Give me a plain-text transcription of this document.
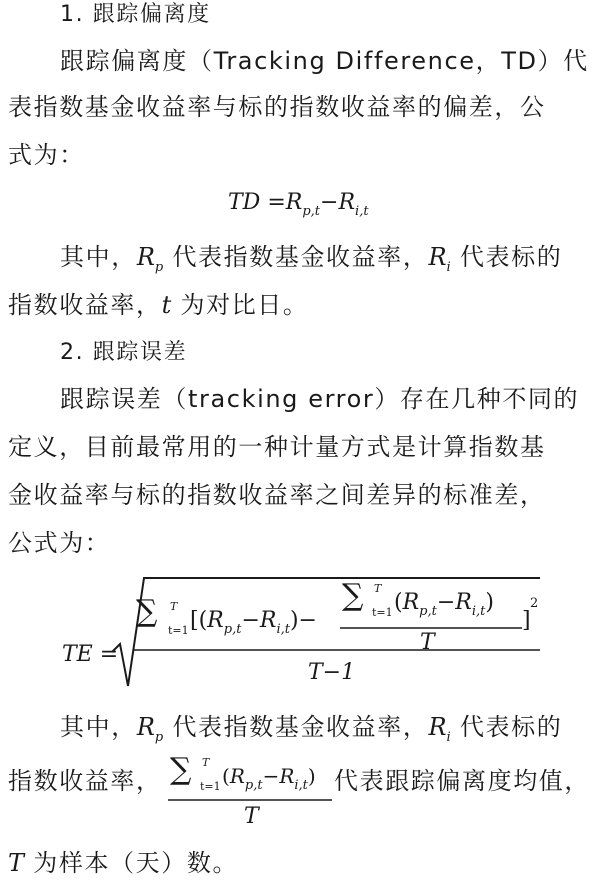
1. 跟踪偏离度
跟踪偏离度（Tracking Difference，TD）代
表指数基金收益率与标的指数收益率的偏差，公
式为：
TD $=R_{p,t}-R_{i,t}$
其中，$R_p$ 代表指数基金收益率，$R_i$ 代表标的
指数收益率，t 为对比日。
2. 跟踪误差
跟踪误差（tracking error）存在几种不同的
定义，目前最常用的一种计量方式是计算指数基
金收益率与标的指数收益率之间差异的标准差，
公式为：
TE =
∑ T
t=1 [$(R_{p,t}-R_{i,t})-$
∑ T
t=1 $(R_{p,t}-R_{i,t})$
T
]
2
T−1
其中，$R_p$ 代表指数基金收益率，$R_i$ 代表标的
指数收益率， ∑ T
t=1 $(R_{p,t}-R_{i,t})$
T
代表跟踪偏离度均值，
T 为样本（天）数。
